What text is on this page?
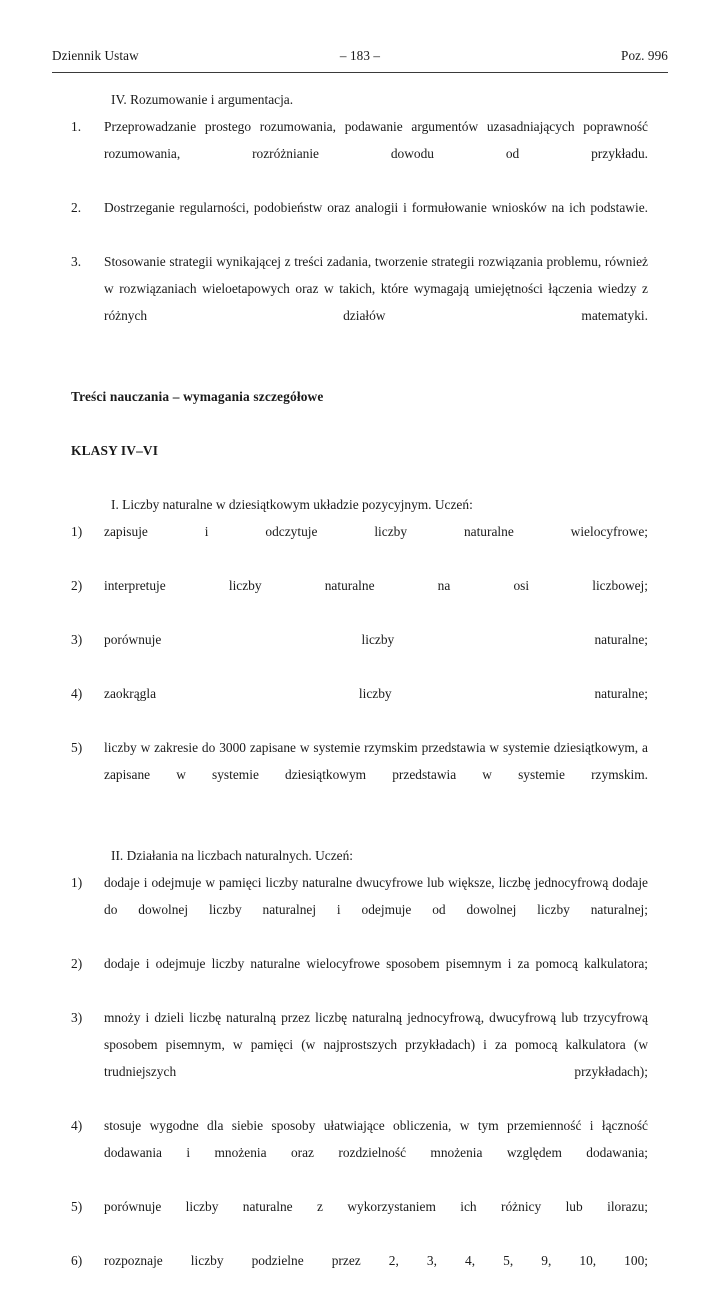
Dziennik Ustaw	– 183 –	Poz. 996

IV. Rozumowanie i argumentacja.

1.	Przeprowadzanie prostego rozumowania, podawanie argumentów uzasadniających poprawność rozumowania, rozróżnianie dowodu od przykładu.
2.	Dostrzeganie regularności, podobieństw oraz analogii i formułowanie wniosków na ich podstawie.
3.	Stosowanie strategii wynikającej z treści zadania, tworzenie strategii rozwiązania problemu, również w rozwiązaniach wieloetapowych oraz w takich, które wymagają umiejętności łączenia wiedzy z różnych działów matematyki.

Treści nauczania – wymagania szczegółowe

KLASY IV–VI

I. Liczby naturalne w dziesiątkowym układzie pozycyjnym. Uczeń:

1)	zapisuje i odczytuje liczby naturalne wielocyfrowe;
2)	interpretuje liczby naturalne na osi liczbowej;
3)	porównuje liczby naturalne;
4)	zaokrągla liczby naturalne;
5)	liczby w zakresie do 3000 zapisane w systemie rzymskim przedstawia w systemie dziesiątkowym, a zapisane w systemie dziesiątkowym przedstawia w systemie rzymskim.

II. Działania na liczbach naturalnych. Uczeń:

1)	dodaje i odejmuje w pamięci liczby naturalne dwucyfrowe lub większe, liczbę jednocyfrową dodaje do dowolnej liczby naturalnej i odejmuje od dowolnej liczby naturalnej;
2)	dodaje i odejmuje liczby naturalne wielocyfrowe sposobem pisemnym i za pomocą kalkulatora;
3)	mnoży i dzieli liczbę naturalną przez liczbę naturalną jednocyfrową, dwucyfrową lub trzycyfrową sposobem pisemnym, w pamięci (w najprostszych przykładach) i za pomocą kalkulatora (w trudniejszych przykładach);
4)	stosuje wygodne dla siebie sposoby ułatwiające obliczenia, w tym przemienność i łączność dodawania i mnożenia oraz rozdzielność mnożenia względem dodawania;
5)	porównuje liczby naturalne z wykorzystaniem ich różnicy lub ilorazu;
6)	rozpoznaje liczby podzielne przez 2, 3, 4, 5, 9, 10, 100;
